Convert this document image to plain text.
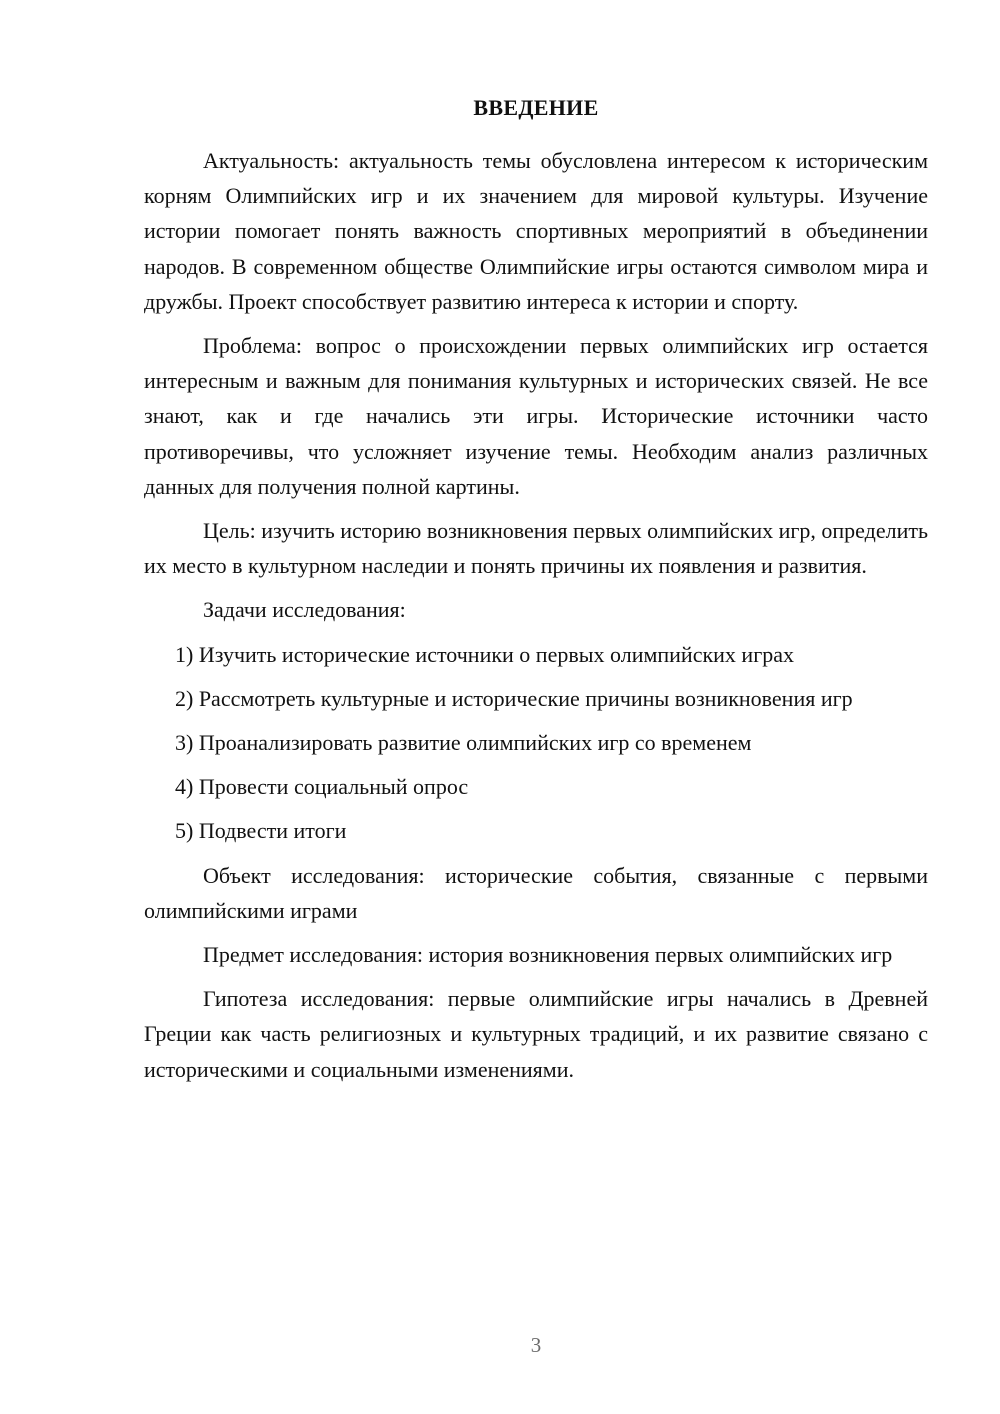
ВВЕДЕНИЕ

Актуальность: актуальность темы обусловлена интересом к историческим корням Олимпийских игр и их значением для мировой культуры. Изучение истории помогает понять важность спортивных мероприятий в объединении народов. В современном обществе Олимпийские игры остаются символом мира и дружбы. Проект способствует развитию интереса к истории и спорту.

Проблема: вопрос о происхождении первых олимпийских игр остается интересным и важным для понимания культурных и исторических связей. Не все знают, как и где начались эти игры. Исторические источники часто противоречивы, что усложняет изучение темы. Необходим анализ различных данных для получения полной картины.

Цель: изучить историю возникновения первых олимпийских игр, определить их место в культурном наследии и понять причины их появления и развития.

Задачи исследования:

1) Изучить исторические источники о первых олимпийских играх

2) Рассмотреть культурные и исторические причины возникновения игр

3) Проанализировать развитие олимпийских игр со временем

4) Провести социальный опрос

5) Подвести итоги

Объект исследования: исторические события, связанные с первыми олимпийскими играми

Предмет исследования: история возникновения первых олимпийских игр

Гипотеза исследования: первые олимпийские игры начались в Древней Греции как часть религиозных и культурных традиций, и их развитие связано с историческими и социальными изменениями.

3
